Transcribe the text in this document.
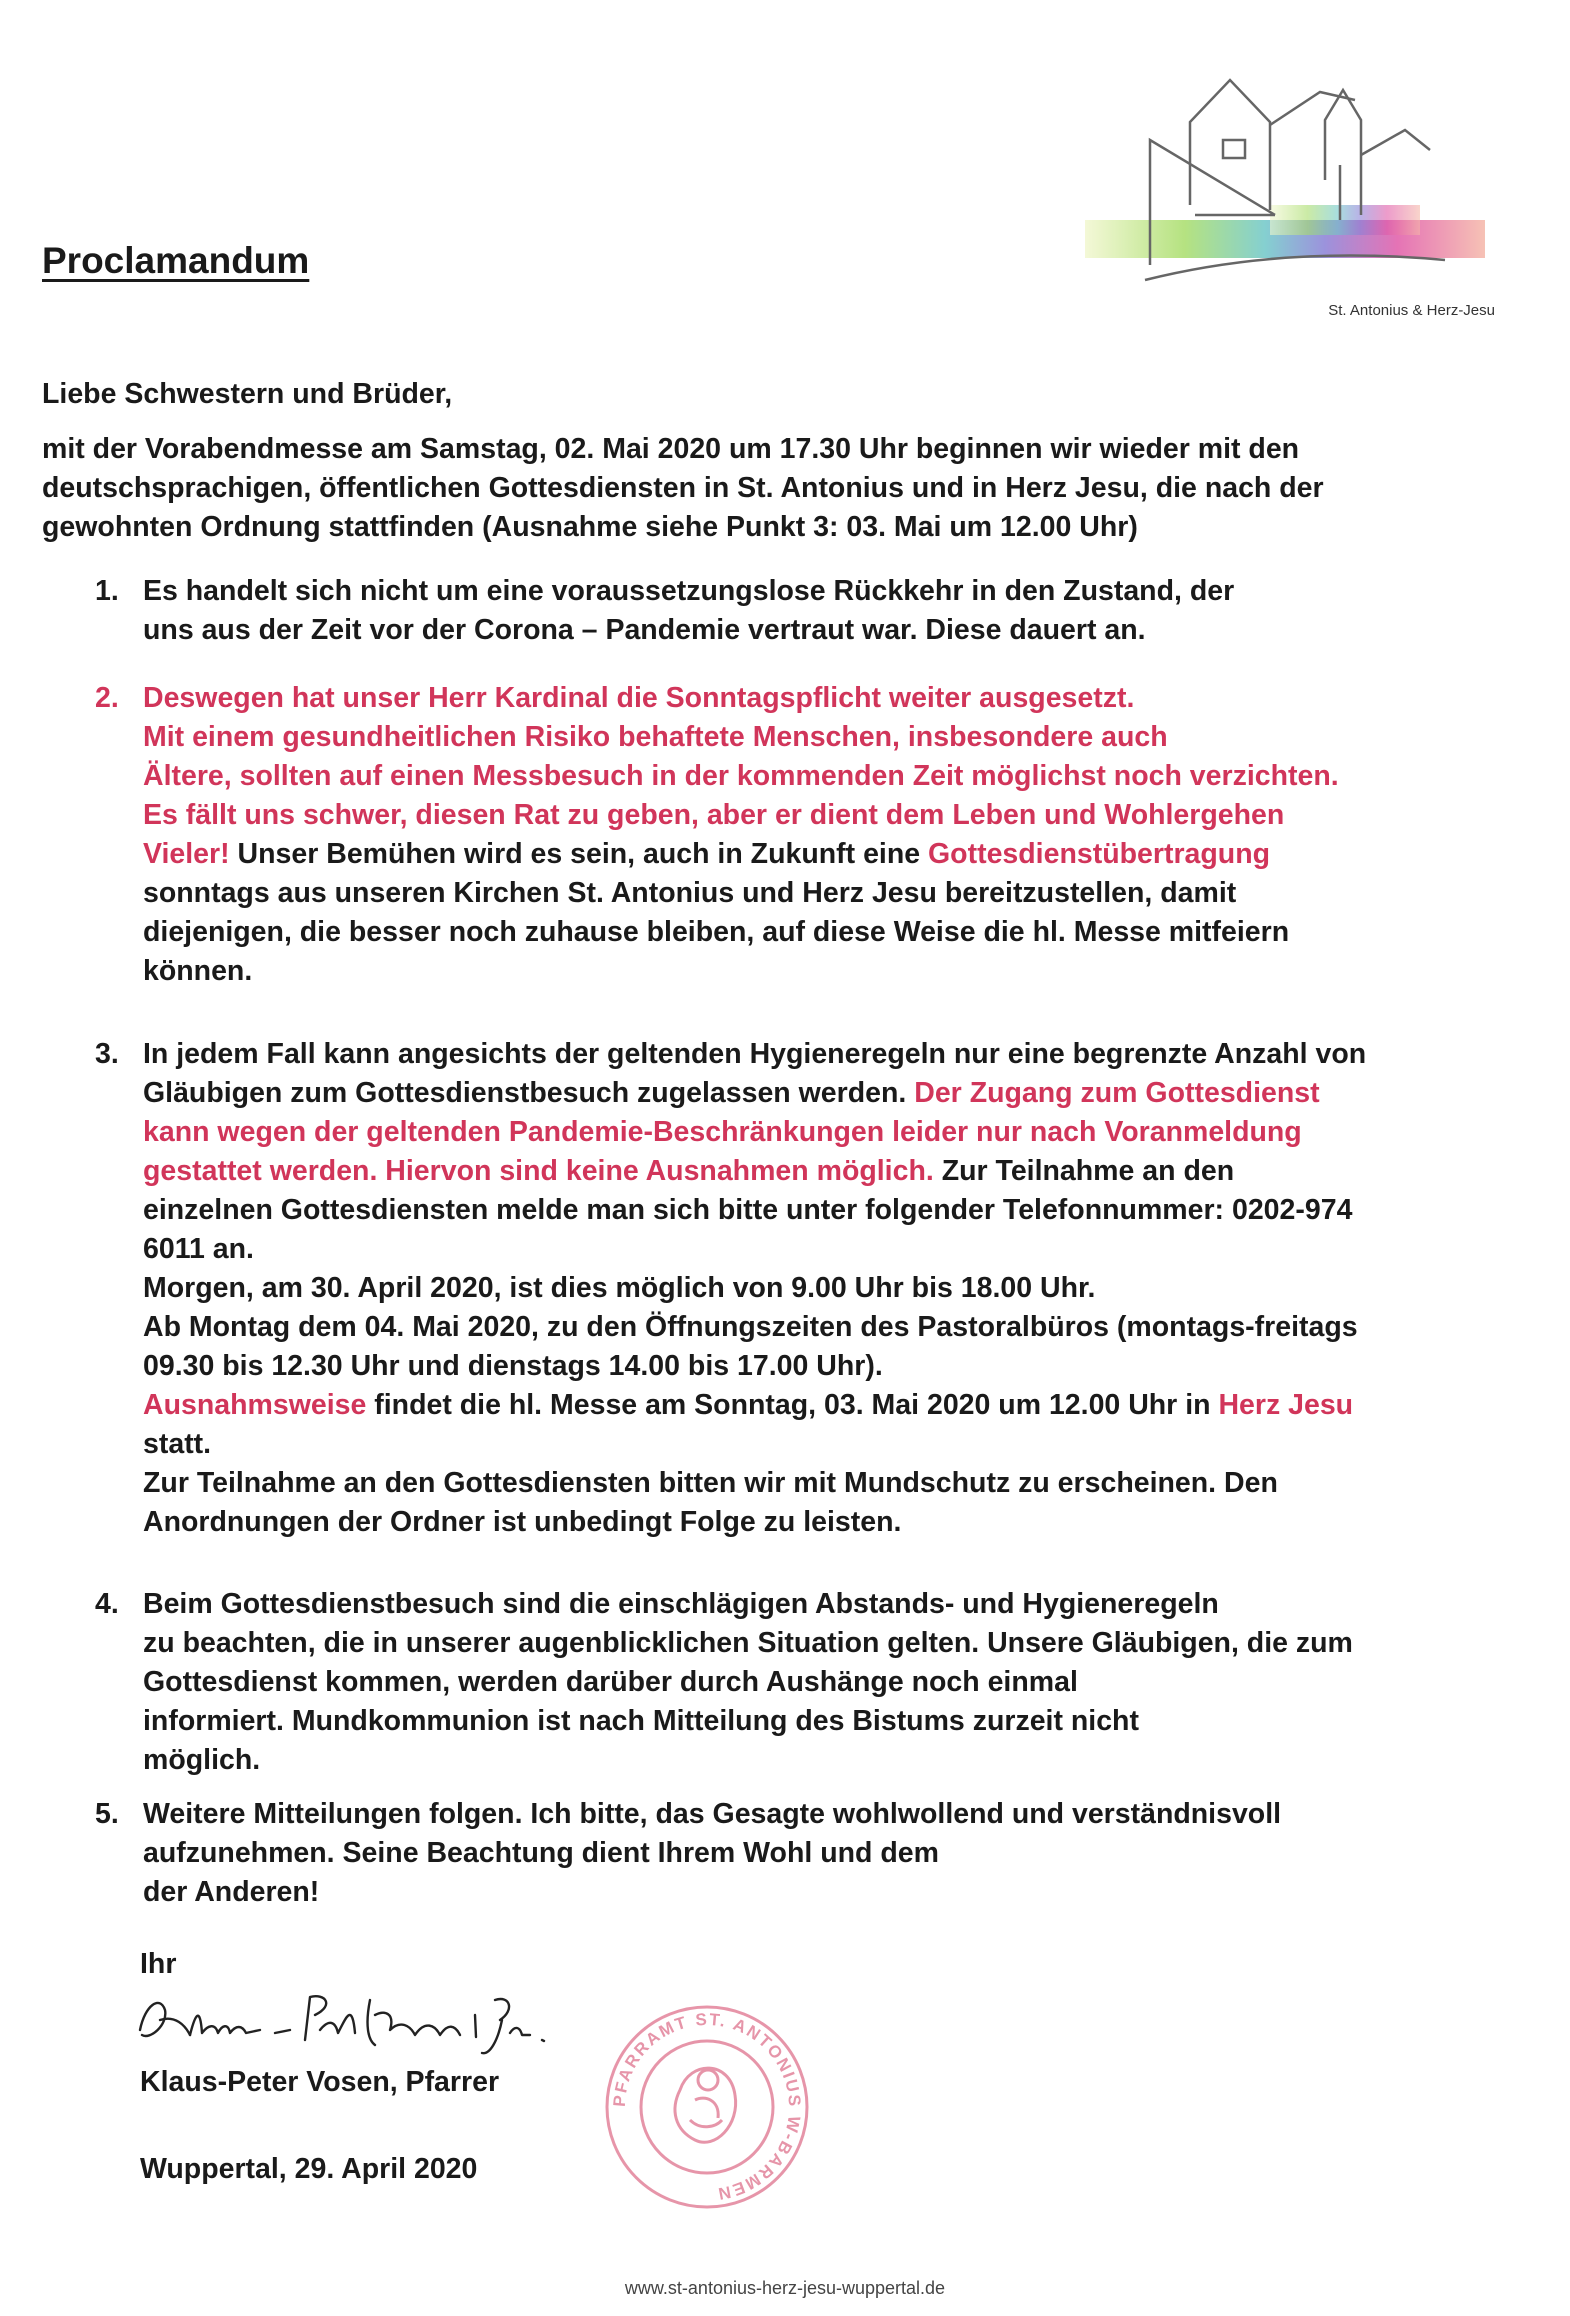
St. Antonius & Herz-Jesu
Proclamandum
Liebe Schwestern und Brüder,
mit der Vorabendmesse am Samstag, 02. Mai 2020 um 17.30 Uhr beginnen wir wieder mit den
deutschsprachigen, öffentlichen Gottesdiensten in St. Antonius und in Herz Jesu, die nach der
gewohnten Ordnung stattfinden (Ausnahme siehe Punkt 3: 03. Mai um 12.00 Uhr)
1. Es handelt sich nicht um eine voraussetzungslose Rückkehr in den Zustand, der
uns aus der Zeit vor der Corona – Pandemie vertraut war. Diese dauert an.
2. Deswegen hat unser Herr Kardinal die Sonntagspflicht weiter ausgesetzt.
Mit einem gesundheitlichen Risiko behaftete Menschen, insbesondere auch
Ältere, sollten auf einen Messbesuch in der kommenden Zeit möglichst noch verzichten.
Es fällt uns schwer, diesen Rat zu geben, aber er dient dem Leben und Wohlergehen
Vieler! Unser Bemühen wird es sein, auch in Zukunft eine Gottesdienstübertragung
sonntags aus unseren Kirchen St. Antonius und Herz Jesu bereitzustellen, damit
diejenigen, die besser noch zuhause bleiben, auf diese Weise die hl. Messe mitfeiern
können.
3. In jedem Fall kann angesichts der geltenden Hygieneregeln nur eine begrenzte Anzahl von
Gläubigen zum Gottesdienstbesuch zugelassen werden. Der Zugang zum Gottesdienst
kann wegen der geltenden Pandemie-Beschränkungen leider nur nach Voranmeldung
gestattet werden. Hiervon sind keine Ausnahmen möglich. Zur Teilnahme an den
einzelnen Gottesdiensten melde man sich bitte unter folgender Telefonnummer: 0202-974
6011 an.
Morgen, am 30. April 2020, ist dies möglich von 9.00 Uhr bis 18.00 Uhr.
Ab Montag dem 04. Mai 2020, zu den Öffnungszeiten des Pastoralbüros (montags-freitags
09.30 bis 12.30 Uhr und dienstags 14.00 bis 17.00 Uhr).
Ausnahmsweise findet die hl. Messe am Sonntag, 03. Mai 2020 um 12.00 Uhr in Herz Jesu
statt.
Zur Teilnahme an den Gottesdiensten bitten wir mit Mundschutz zu erscheinen. Den
Anordnungen der Ordner ist unbedingt Folge zu leisten.
4. Beim Gottesdienstbesuch sind die einschlägigen Abstands- und Hygieneregeln
zu beachten, die in unserer augenblicklichen Situation gelten. Unsere Gläubigen, die zum
Gottesdienst kommen, werden darüber durch Aushänge noch einmal
informiert. Mundkommunion ist nach Mitteilung des Bistums zurzeit nicht
möglich.
5. Weitere Mitteilungen folgen. Ich bitte, das Gesagte wohlwollend und verständnisvoll
aufzunehmen. Seine Beachtung dient Ihrem Wohl und dem
der Anderen!
Ihr
Klaus-Peter Vosen, Pfarrer
Wuppertal, 29. April 2020
PFARRAMT ST. ANTONIUS W-BARMEN
www.st-antonius-herz-jesu-wuppertal.de
